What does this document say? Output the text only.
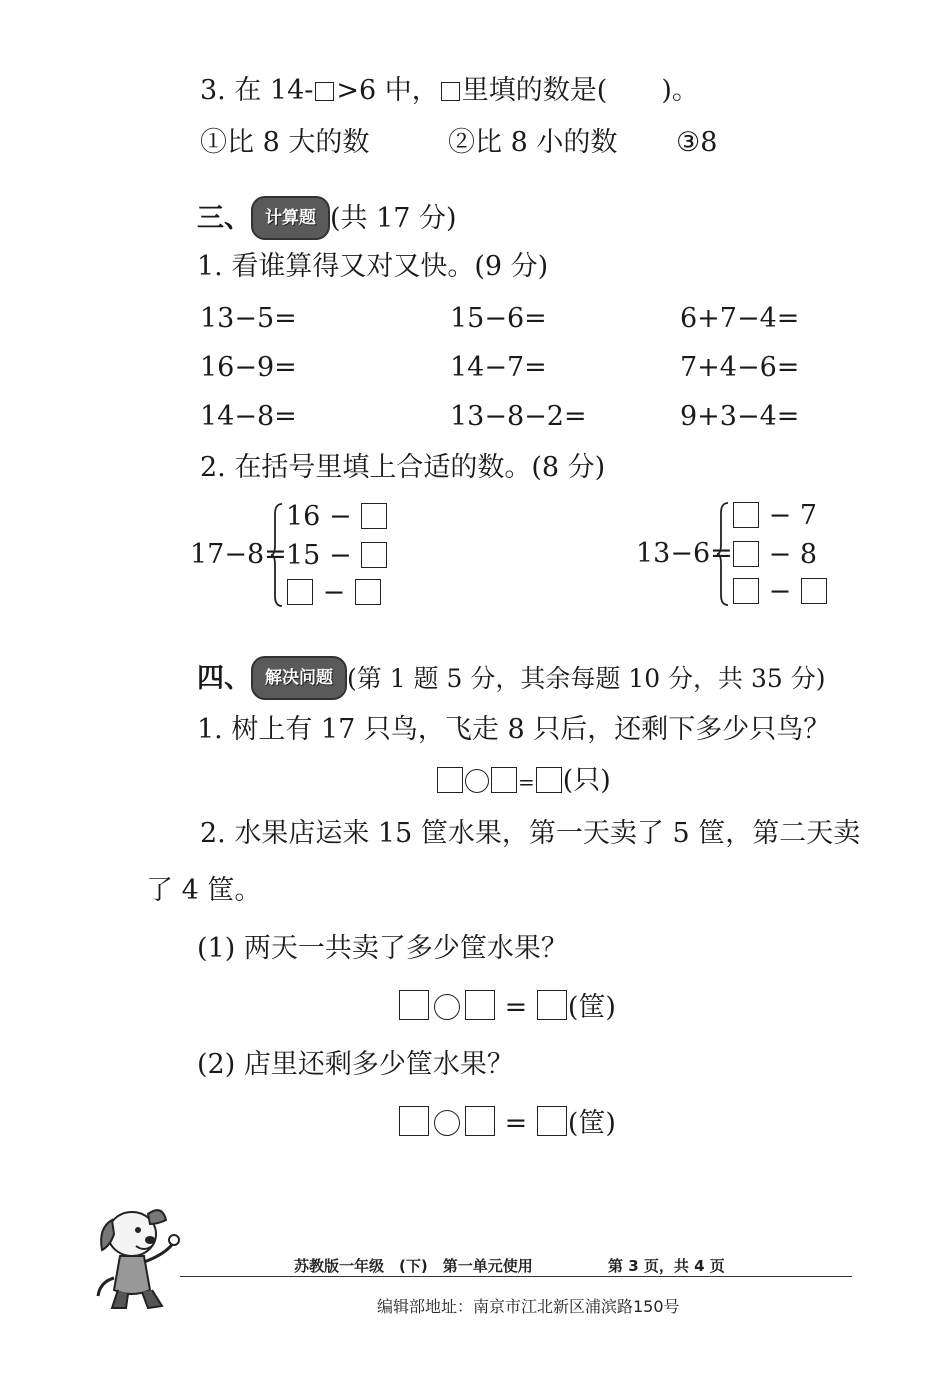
3. 在 14- >6 中， 里填的数是(　　)。
①比 8 大的数	②比 8 小的数 ③8
三、 计算题 (共 17 分)
1. 看谁算得又对又快。(9 分)
13−5=	15−6=	6+7−4=
16−9=	14−7=	7+4−6=
14−8=	13−8−2=	9+3−4=
2. 在括号里填上合适的数。(8 分)
17−8=
16 −
15 −
−
13−6=
− 7
− 8
−
四、 解决问题 (第 1 题 5 分，其余每题 10 分，共 35 分)
1. 树上有 17 只鸟，飞走 8 只后，还剩下多少只鸟？
= (只)
2. 水果店运来 15 筐水果，第一天卖了 5 筐，第二天卖
了 4 筐。
(1) 两天一共卖了多少筐水果？
= (筐)
(2) 店里还剩多少筐水果？
= (筐)
苏教版一年级　(下)　第一单元使用	第 3 页，共 4 页
编辑部地址：南京市江北新区浦滨路150号
